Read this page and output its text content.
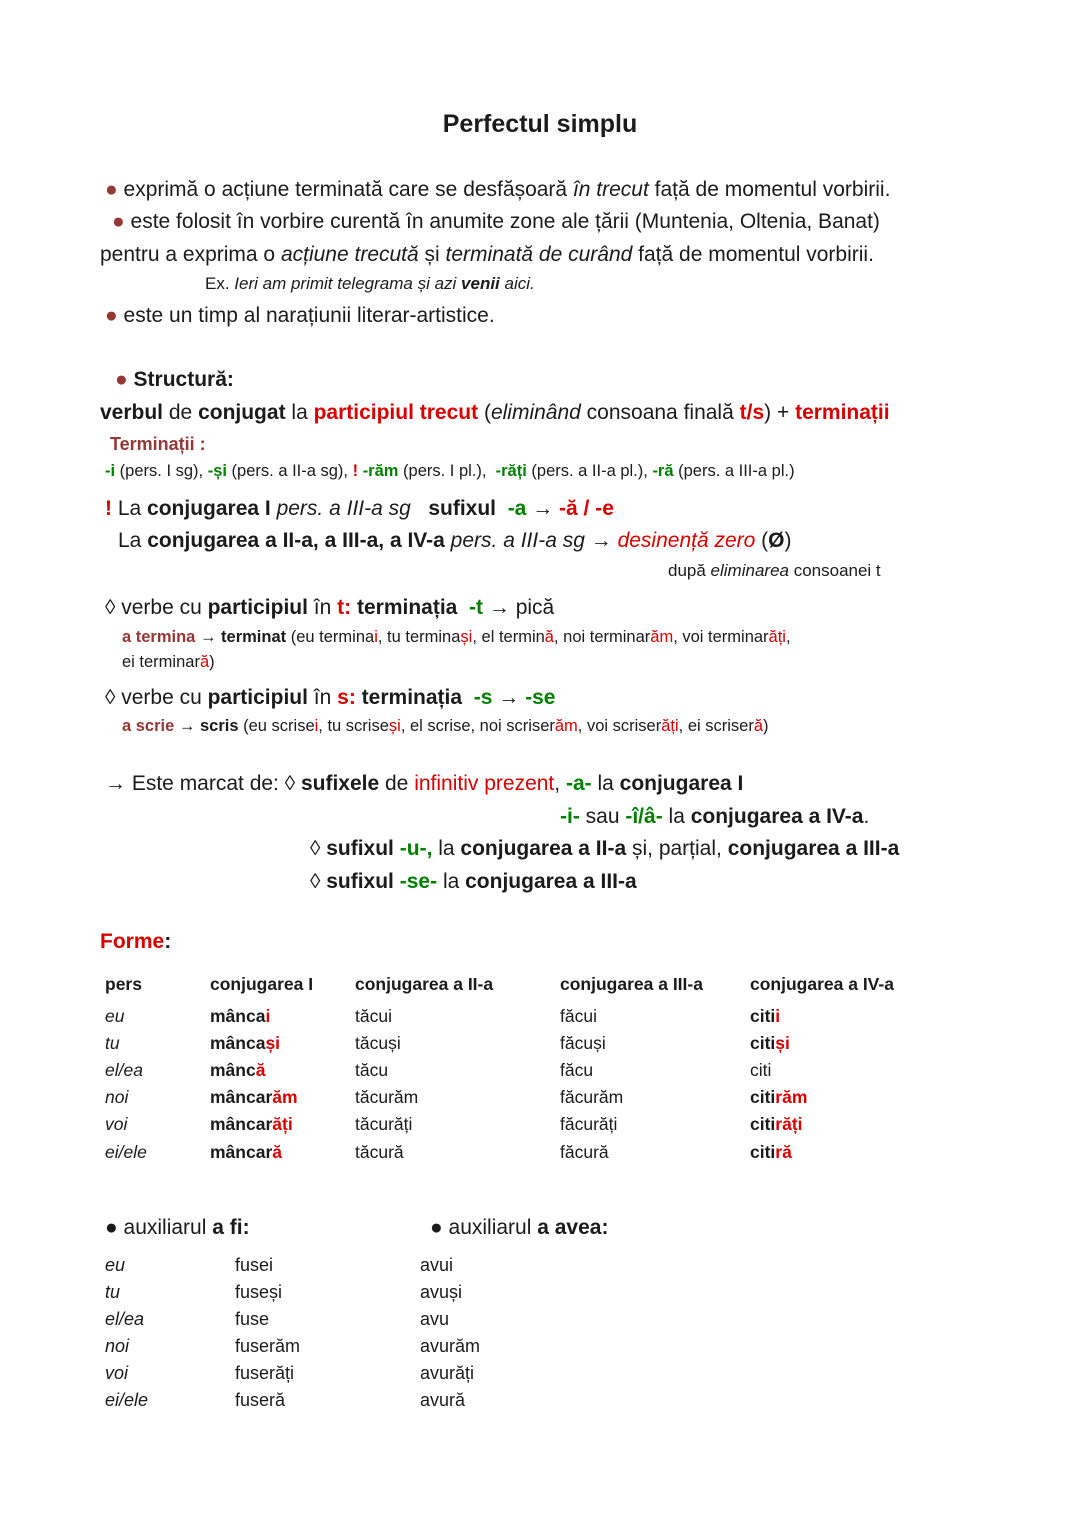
Perfectul simplu
● exprimă o acțiune terminată care se desfășoară în trecut față de momentul vorbirii.
● este folosit în vorbire curentă în anumite zone ale țării (Muntenia, Oltenia, Banat)
pentru a exprima o acțiune trecută și terminată de curând față de momentul vorbirii.
Ex. Ieri am primit telegrama și azi venii aici.
● este un timp al narațiunii literar-artistice.
● Structură:
verbul de conjugat la participiul trecut (eliminând consoana finală t/s) + terminații
Terminații :
-i (pers. I sg), -și (pers. a II-a sg), ! -răm (pers. I pl.),  -răți (pers. a II-a pl.), -ră (pers. a III-a pl.)
! La conjugarea I pers. a III-a sg sufixul -a → -ă / -e
La conjugarea a II-a, a III-a, a IV-a pers. a III-a sg → desinență zero (Ø)
după eliminarea consoanei t
◊ verbe cu participiul în t: terminația -t → pică
a termina → terminat (eu terminai, tu terminași, el termină, noi terminarăm, voi terminarăți,
ei terminară)
◊ verbe cu participiul în s: terminația -s → -se
a scrie → scris (eu scrisei, tu scriseși, el scrise, noi scriserăm, voi scriserăți, ei scriseră)
→ Este marcat de: ◊ sufixele de infinitiv prezent, -a- la conjugarea I
-i- sau -î/â- la conjugarea a IV-a.
◊ sufixul -u-, la conjugarea a II-a și, parțial, conjugarea a III-a
◊ sufixul -se- la conjugarea a III-a
Forme:
pers	conjugarea I	conjugarea a II-a	conjugarea a III-a	conjugarea a IV-a
eu	mâncai	tăcui	făcui	citii
tu	mâncași	tăcuși	făcuși	citiși
el/ea	mâncă	tăcu	făcu	citi
noi	mâncarăm	tăcurăm	făcurăm	citirăm
voi	mâncarăți	tăcurăți	făcurăți	citirăți
ei/ele	mâncară	tăcură	făcură	citiră
● auxiliarul a fi:	● auxiliarul a avea:
eu	fusei	avui
tu	fuseși	avuși
el/ea	fuse	avu
noi	fuserăm	avurăm
voi	fuserăți	avurăți
ei/ele	fuseră	avură
